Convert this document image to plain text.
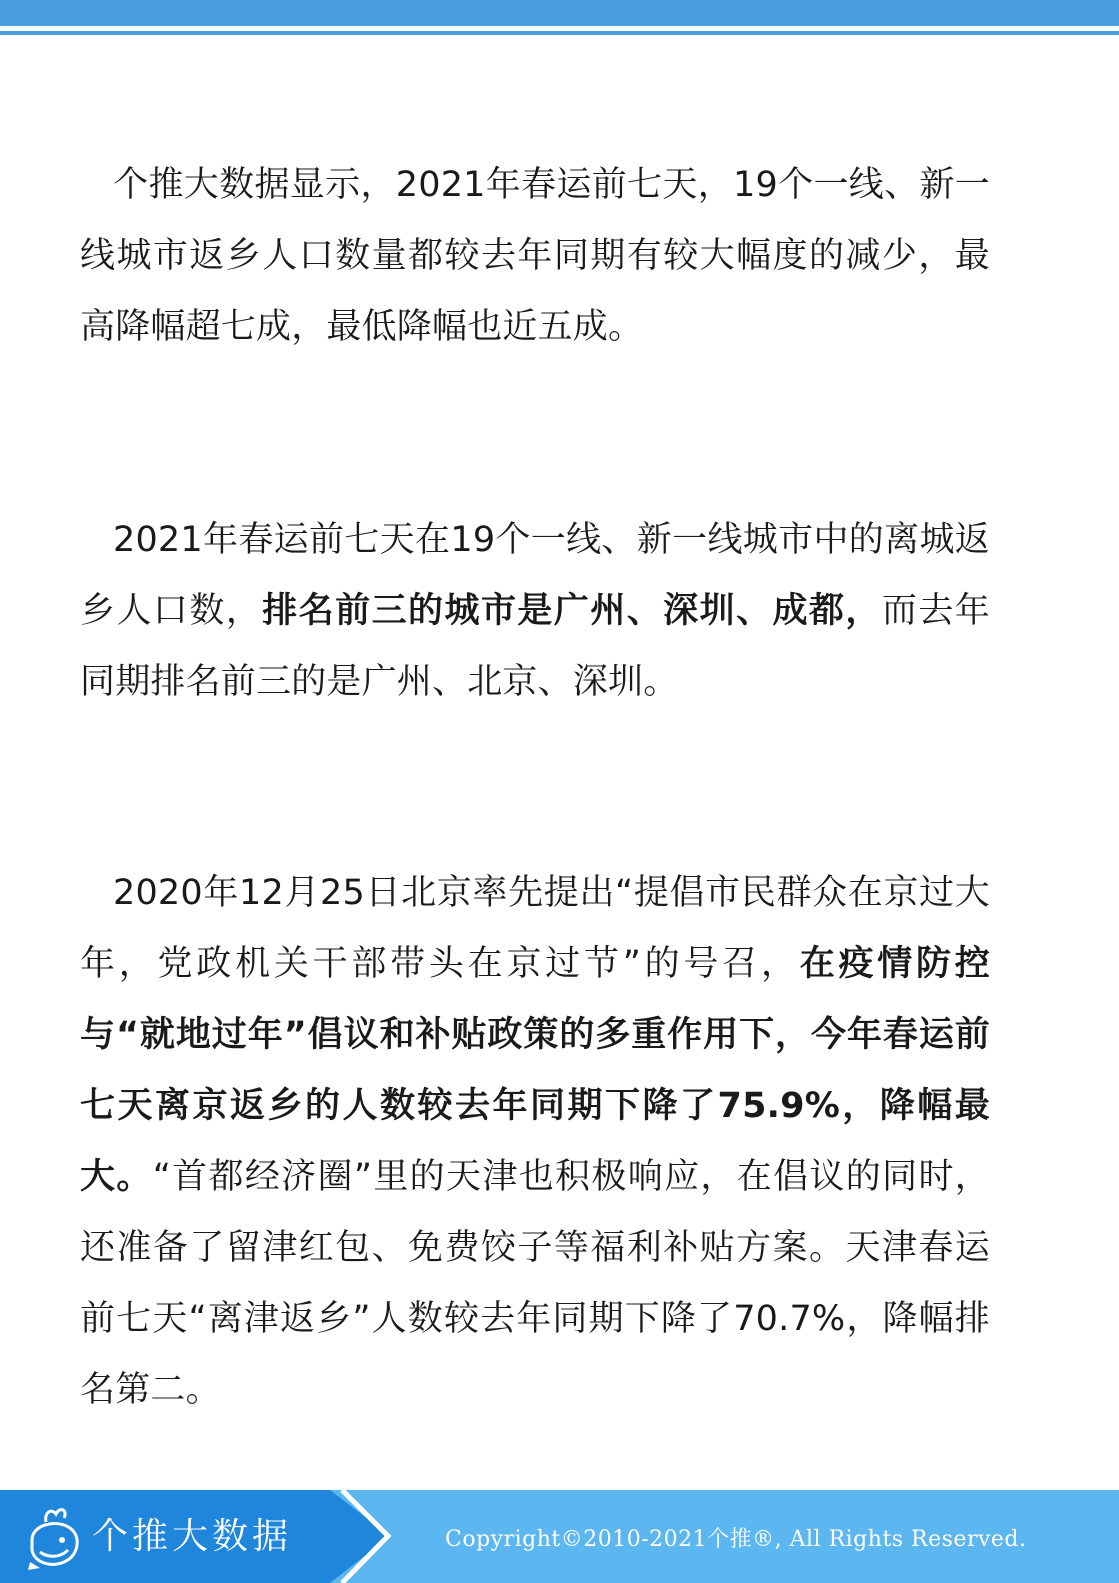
个推大数据显示，2021年春运前七天，19个一线、新一线城市返乡人口数量都较去年同期有较大幅度的减少，最高降幅超七成，最低降幅也近五成。

2021年春运前七天在19个一线、新一线城市中的离城返乡人口数，排名前三的城市是广州、深圳、成都，而去年同期排名前三的是广州、北京、深圳。

2020年12月25日北京率先提出“提倡市民群众在京过大年，党政机关干部带头在京过节”的号召，在疫情防控与“就地过年”倡议和补贴政策的多重作用下，今年春运前七天离京返乡的人数较去年同期下降了75.9%，降幅最大。“首都经济圈”里的天津也积极响应，在倡议的同时，还准备了留津红包、免费饺子等福利补贴方案。天津春运前七天“离津返乡”人数较去年同期下降了70.7%，降幅排名第二。

个推大数据	Copyright©2010-2021个推®, All Rights Reserved.
